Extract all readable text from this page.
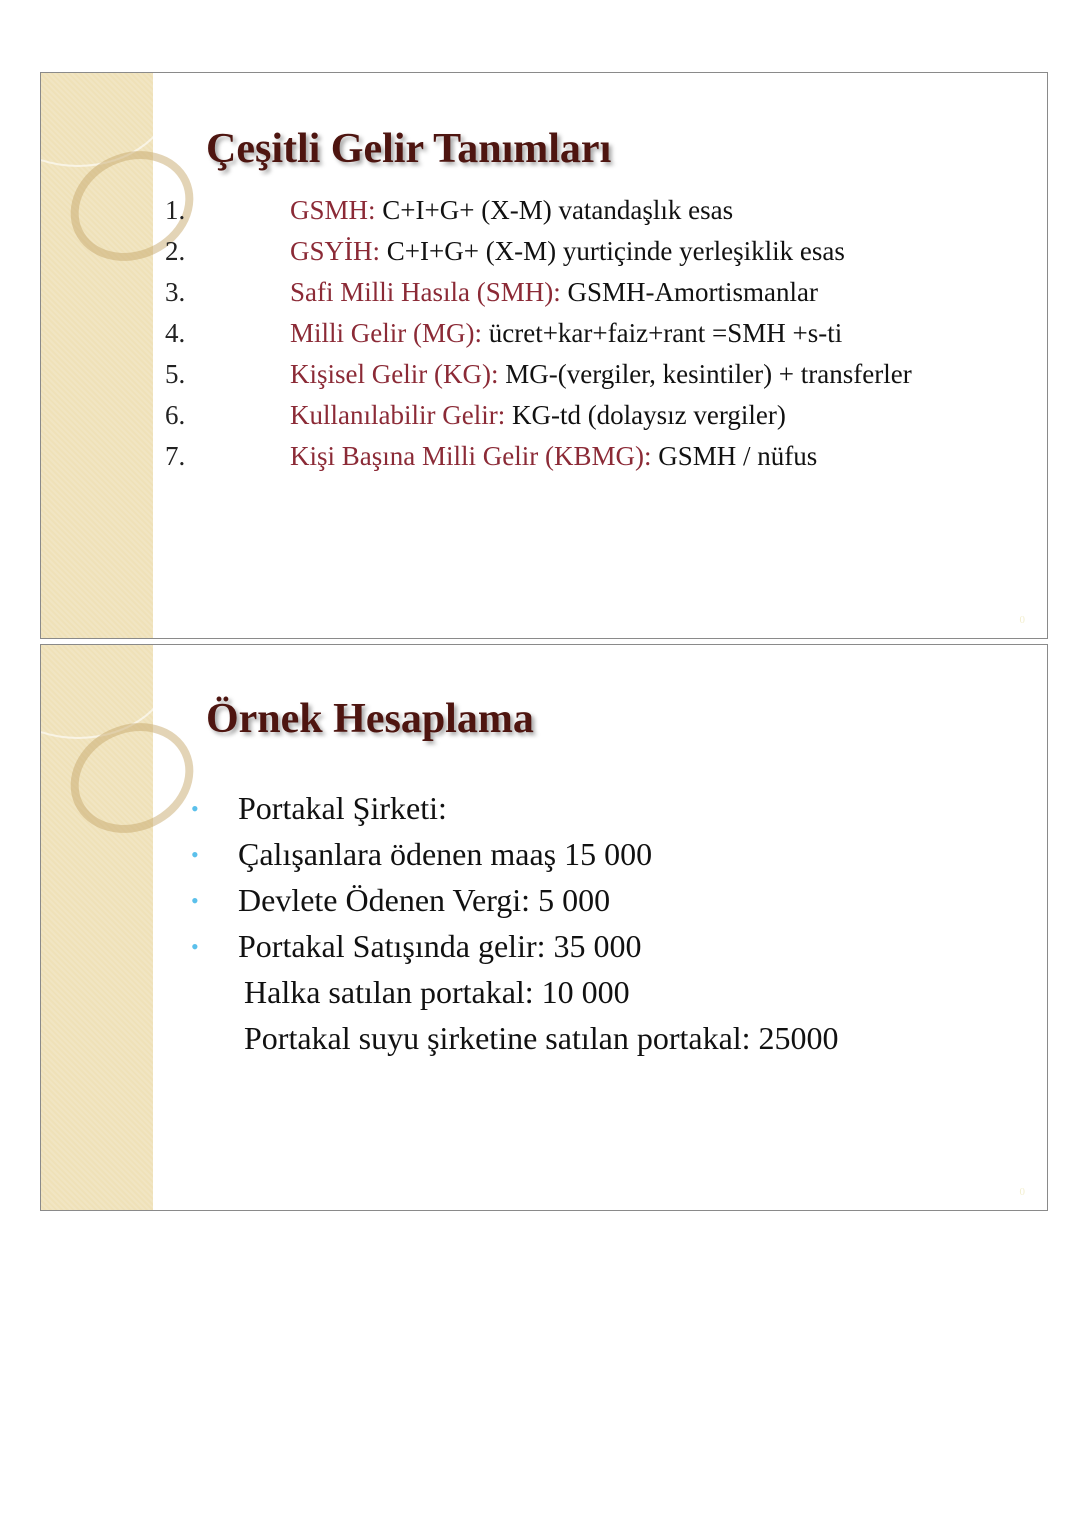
Çeşitli Gelir Tanımları
1.	GSMH: C+I+G+ (X-M) vatandaşlık esas
2.	GSYİH: C+I+G+ (X-M) yurtiçinde yerleşiklik esas
3.	Safi Milli Hasıla (SMH): GSMH-Amortismanlar
4.	Milli Gelir (MG): ücret+kar+faiz+rant =SMH +s-ti
5.	Kişisel Gelir (KG): MG-(vergiler, kesintiler) + transferler
6.	Kullanılabilir Gelir: KG-td (dolaysız vergiler)
7.	Kişi Başına Milli Gelir (KBMG): GSMH / nüfus
0
Örnek Hesaplama
• Portakal Şirketi:
• Çalışanlara ödenen maaş 15 000
• Devlete Ödenen Vergi: 5 000
• Portakal Satışında gelir: 35 000
Halka satılan portakal: 10 000
Portakal suyu şirketine satılan portakal: 25000
0
